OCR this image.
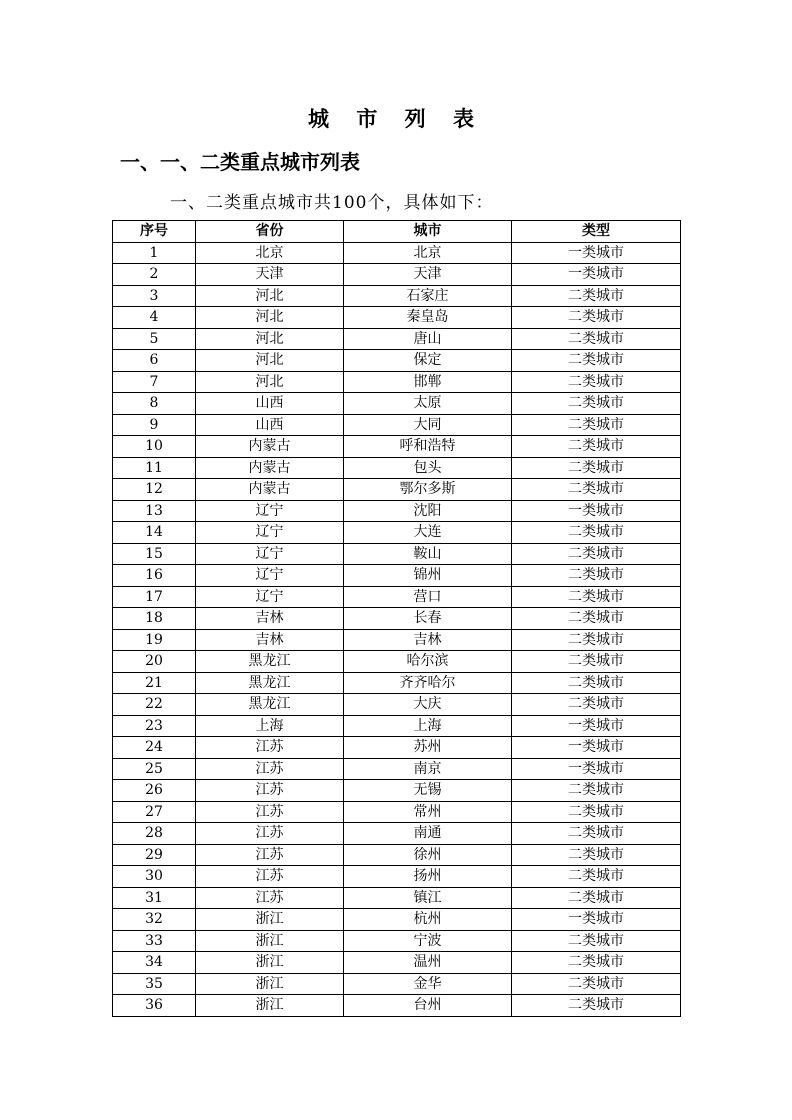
城 市 列 表
一、一、二类重点城市列表
一、二类重点城市共100个，具体如下：
序号	省份	城市	类型
1	北京	北京	一类城市
2	天津	天津	一类城市
3	河北	石家庄	二类城市
4	河北	秦皇岛	二类城市
5	河北	唐山	二类城市
6	河北	保定	二类城市
7	河北	邯郸	二类城市
8	山西	太原	二类城市
9	山西	大同	二类城市
10	内蒙古	呼和浩特	二类城市
11	内蒙古	包头	二类城市
12	内蒙古	鄂尔多斯	二类城市
13	辽宁	沈阳	一类城市
14	辽宁	大连	二类城市
15	辽宁	鞍山	二类城市
16	辽宁	锦州	二类城市
17	辽宁	营口	二类城市
18	吉林	长春	二类城市
19	吉林	吉林	二类城市
20	黑龙江	哈尔滨	二类城市
21	黑龙江	齐齐哈尔	二类城市
22	黑龙江	大庆	二类城市
23	上海	上海	一类城市
24	江苏	苏州	一类城市
25	江苏	南京	一类城市
26	江苏	无锡	二类城市
27	江苏	常州	二类城市
28	江苏	南通	二类城市
29	江苏	徐州	二类城市
30	江苏	扬州	二类城市
31	江苏	镇江	二类城市
32	浙江	杭州	一类城市
33	浙江	宁波	二类城市
34	浙江	温州	二类城市
35	浙江	金华	二类城市
36	浙江	台州	二类城市
